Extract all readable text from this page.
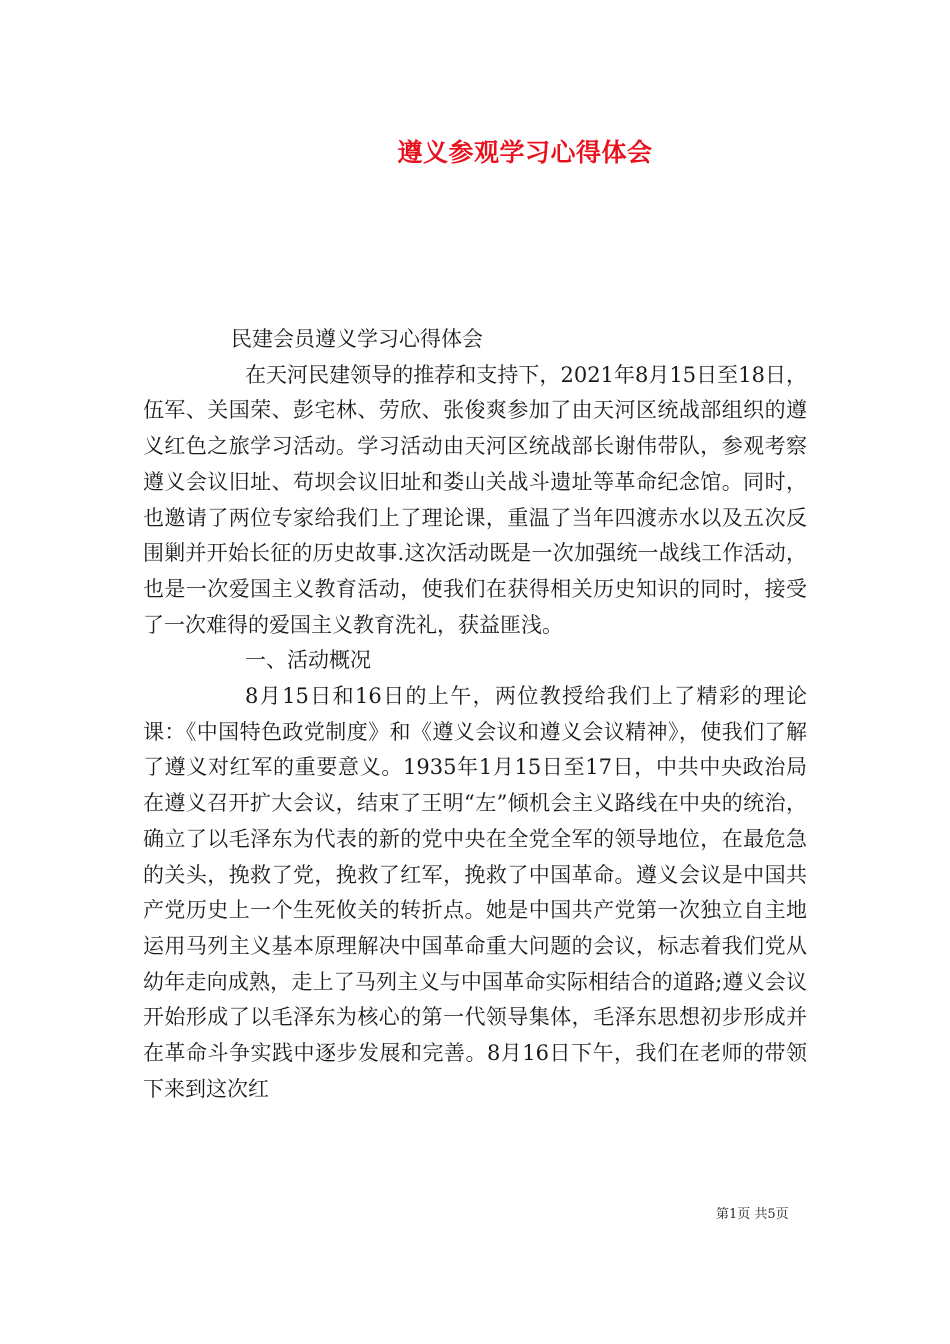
遵义参观学习心得体会

民建会员遵义学习心得体会

在天河民建领导的推荐和支持下，2021年8月15日至18日，伍军、关国荣、彭宅林、劳欣、张俊爽参加了由天河区统战部组织的遵义红色之旅学习活动。学习活动由天河区统战部长谢伟带队，参观考察遵义会议旧址、苟坝会议旧址和娄山关战斗遗址等革命纪念馆。同时，也邀请了两位专家给我们上了理论课，重温了当年四渡赤水以及五次反围剿并开始长征的历史故事.这次活动既是一次加强统一战线工作活动，也是一次爱国主义教育活动，使我们在获得相关历史知识的同时，接受了一次难得的爱国主义教育洗礼，获益匪浅。

一、活动概况

8月15日和16日的上午，两位教授给我们上了精彩的理论课：《中国特色政党制度》和《遵义会议和遵义会议精神》，使我们了解了遵义对红军的重要意义。1935年1月15日至17日，中共中央政治局在遵义召开扩大会议，结束了王明“左”倾机会主义路线在中央的统治，确立了以毛泽东为代表的新的党中央在全党全军的领导地位，在最危急的关头，挽救了党，挽救了红军，挽救了中国革命。遵义会议是中国共产党历史上一个生死攸关的转折点。她是中国共产党第一次独立自主地运用马列主义基本原理解决中国革命重大问题的会议，标志着我们党从幼年走向成熟，走上了马列主义与中国革命实际相结合的道路;遵义会议开始形成了以毛泽东为核心的第一代领导集体，毛泽东思想初步形成并在革命斗争实践中逐步发展和完善。8月16日下午，我们在老师的带领下来到这次红

第1页 共5页
